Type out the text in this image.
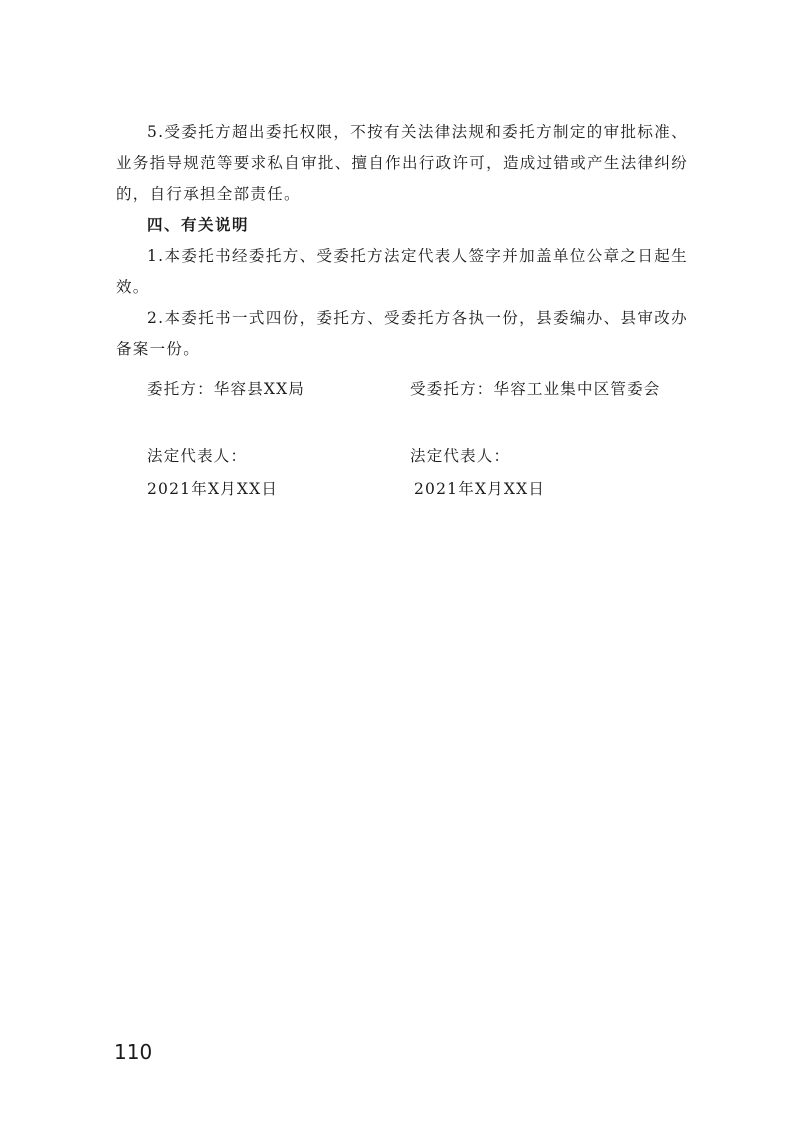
5.受委托方超出委托权限，不按有关法律法规和委托方制定的审批标准、业务指导规范等要求私自审批、擅自作出行政许可，造成过错或产生法律纠纷的，自行承担全部责任。

四、有关说明

1.本委托书经委托方、受委托方法定代表人签字并加盖单位公章之日起生效。

2.本委托书一式四份，委托方、受委托方各执一份，县委编办、县审改办备案一份。

委托方：华容县XX局
法定代表人：
2021年X月XX日
受委托方：华容工业集中区管委会
法定代表人：
2021年X月XX日
110
